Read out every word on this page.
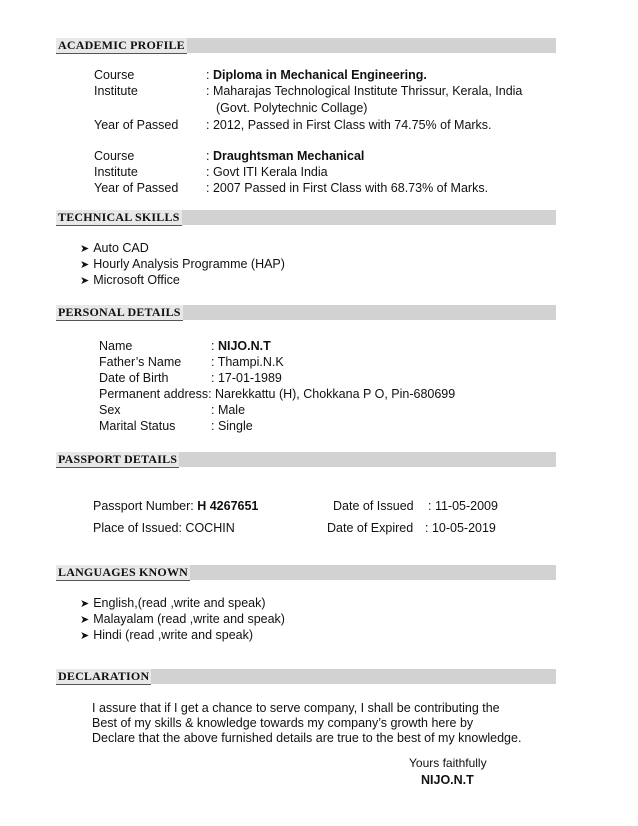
ACADEMIC PROFILE
Course	: Diploma in Mechanical Engineering.
Institute	: Maharajas Technological Institute Thrissur, Kerala, India
(Govt. Polytechnic Collage)
Year of Passed : 2012, Passed in First Class with 74.75% of Marks.
Course	: Draughtsman Mechanical
Institute	: Govt ITI Kerala India
Year of Passed : 2007 Passed in First Class with 68.73% of Marks.
TECHNICAL SKILLS
➤ Auto CAD
➤ Hourly Analysis Programme (HAP)
➤ Microsoft Office
PERSONAL DETAILS
Name	: NIJO.N.T
Father’s Name : Thampi.N.K
Date of Birth	: 17-01-1989
Permanent address: Narekkattu (H), Chokkana P O, Pin-680699
Sex	: Male
Marital Status	: Single
PASSPORT DETAILS
Passport Number: H 4267651	Date of Issued : 11-05-2009
Place of Issued: COCHIN	Date of Expired : 10-05-2019
LANGUAGES KNOWN
➤ English,(read ,write and speak)
➤ Malayalam (read ,write and speak)
➤ Hindi (read ,write and speak)
DECLARATION
I assure that if I get a chance to serve company, I shall be contributing the
Best of my skills & knowledge towards my company’s growth here by
Declare that the above furnished details are true to the best of my knowledge.
Yours faithfully
NIJO.N.T
